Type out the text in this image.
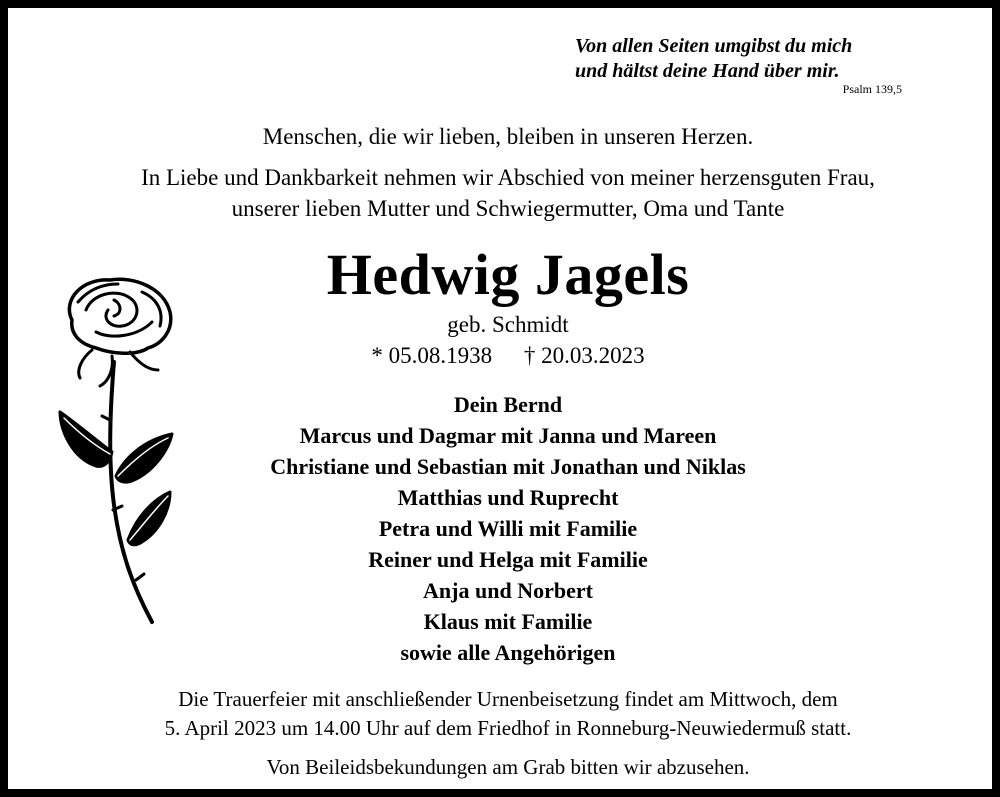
Von allen Seiten umgibst du mich
und hältst deine Hand über mir.
Psalm 139,5
Menschen, die wir lieben, bleiben in unseren Herzen.
In Liebe und Dankbarkeit nehmen wir Abschied von meiner herzensguten Frau,
unserer lieben Mutter und Schwiegermutter, Oma und Tante
Hedwig Jagels
geb. Schmidt
* 05.08.1938 † 20.03.2023
Dein Bernd
Marcus und Dagmar mit Janna und Mareen
Christiane und Sebastian mit Jonathan und Niklas
Matthias und Ruprecht
Petra und Willi mit Familie
Reiner und Helga mit Familie
Anja und Norbert
Klaus mit Familie
sowie alle Angehörigen
Die Trauerfeier mit anschließender Urnenbeisetzung findet am Mittwoch, dem
5. April 2023 um 14.00 Uhr auf dem Friedhof in Ronneburg-Neuwiedermuß statt.
Von Beileidsbekundungen am Grab bitten wir abzusehen.
